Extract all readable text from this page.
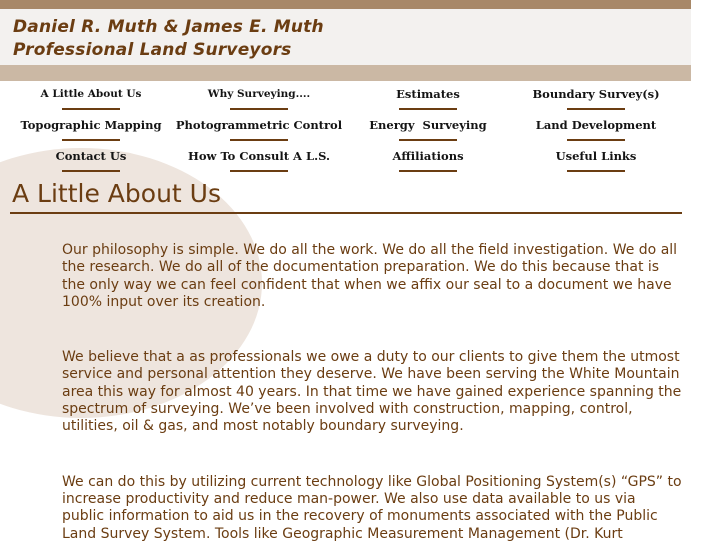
Daniel R. Muth & James E. Muth
Professional Land Surveyors
A Little About Us	Why Surveying....	Estimates	Boundary Survey(s)
Topographic Mapping	Photogrammetric Control	Energy  Surveying	Land Development
Contact Us	How To Consult A L.S.	Affiliations	Useful Links
A Little About Us

Our philosophy is simple. We do all the work. We do all the field investigation. We do all the research. We do all of the documentation preparation. We do this because that is the only way we can feel confident that when we affix our seal to a document we have 100% input over its creation.

We believe that a as professionals we owe a duty to our clients to give them the utmost service and personal attention they deserve. We have been serving the White Mountain area this way for almost 40 years. In that time we have gained experience spanning the spectrum of surveying. We’ve been involved with construction, mapping, control, utilities, oil & gas, and most notably boundary surveying.

We can do this by utilizing current technology like Global Positioning System(s) “GPS” to increase productivity and reduce man-power. We also use data available to us via public information to aid us in the recovery of monuments associated with the Public Land Survey System. Tools like Geographic Measurement Management (Dr. Kurt
